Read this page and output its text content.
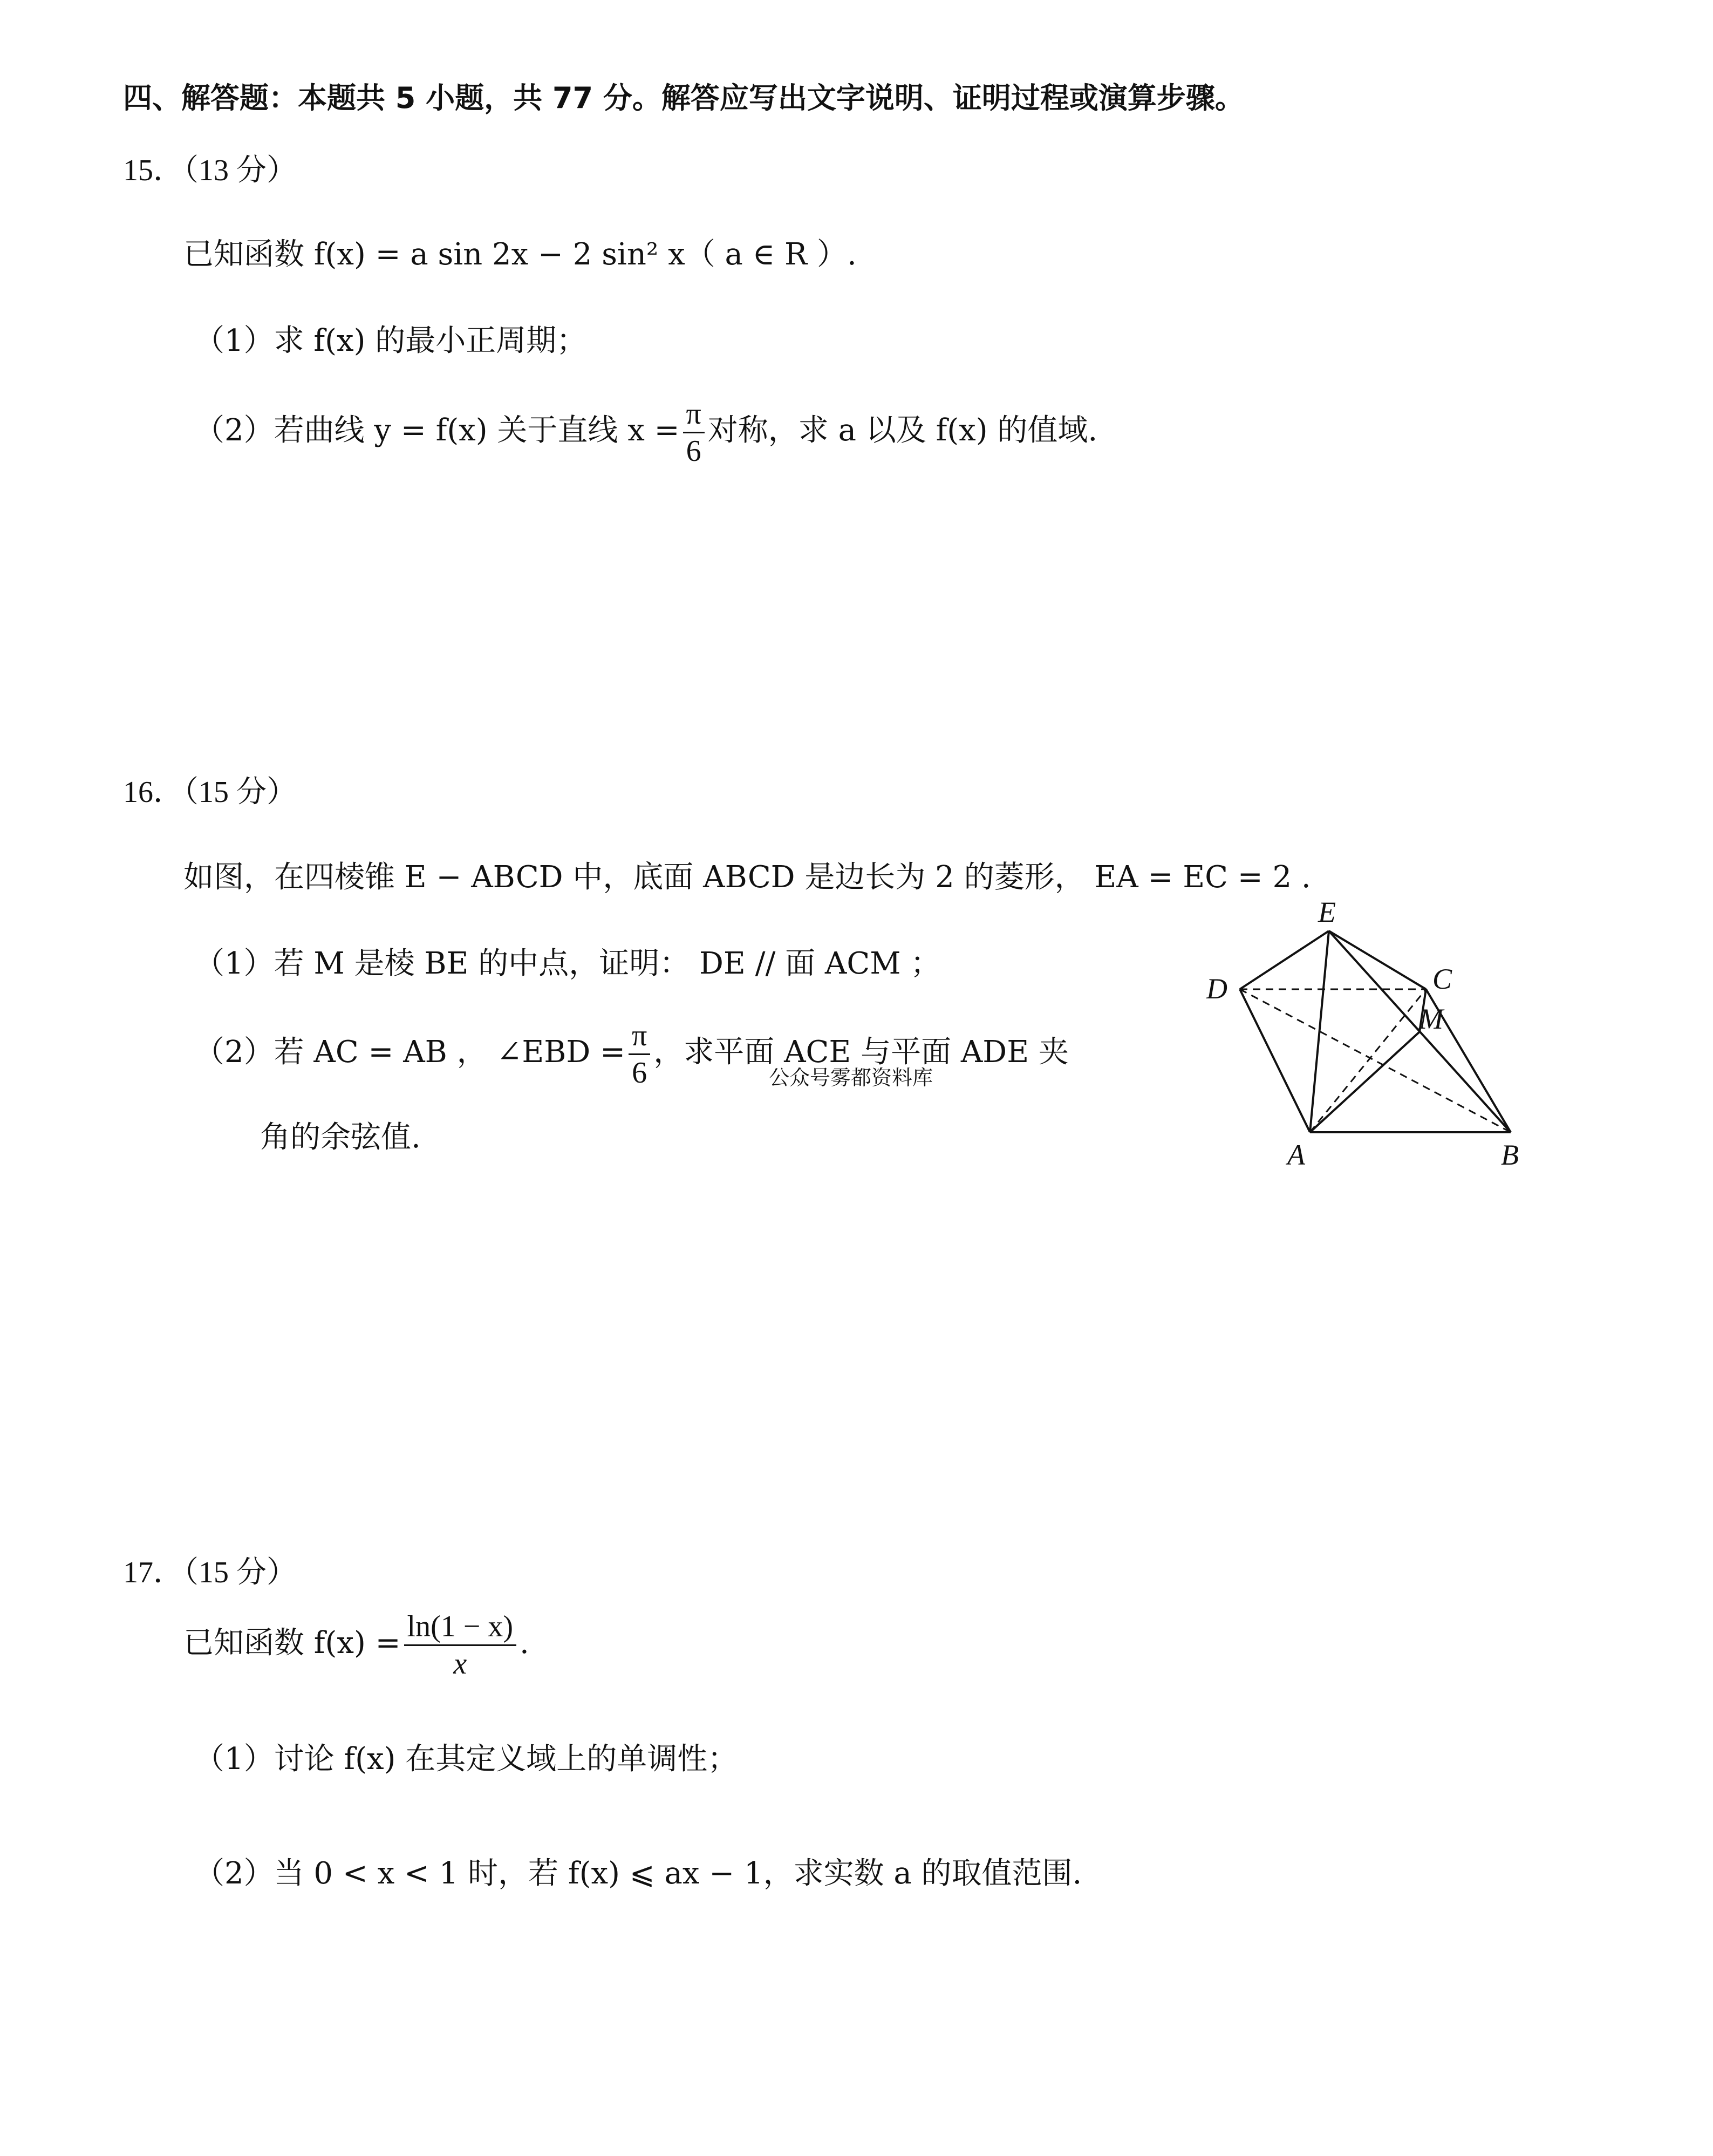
四、解答题：本题共 5 小题，共 77 分。解答应写出文字说明、证明过程或演算步骤。
15．（13 分）
已知函数 f(x) = a sin 2x − 2 sin² x（ a ∈ R ）.
（1）求 f(x) 的最小正周期；
（2）若曲线 y = f(x) 关于直线 $x = \frac{\pi}{6}$ 对称，求 a 以及 f(x) 的值域.
16．（15 分）
如图，在四棱锥 E − ABCD 中，底面 ABCD 是边长为 2 的菱形， EA = EC = 2 .
（1）若 M 是棱 BE 的中点，证明： DE // 面 ACM ；
（2）若 AC = AB ， ∠EBD = $\frac{\pi}{6}$ ，求平面 ACE 与平面 ADE 夹
公众号雾都资料库
角的余弦值.
E
D	C
M
A	B
17．（15 分）
已知函数 $f(x) = \frac{\ln(1 - x)}{x}$ .
（1）讨论 f(x) 在其定义域上的单调性；
（2）当 0 < x < 1 时，若 f(x) ⩽ ax − 1，求实数 a 的取值范围.
